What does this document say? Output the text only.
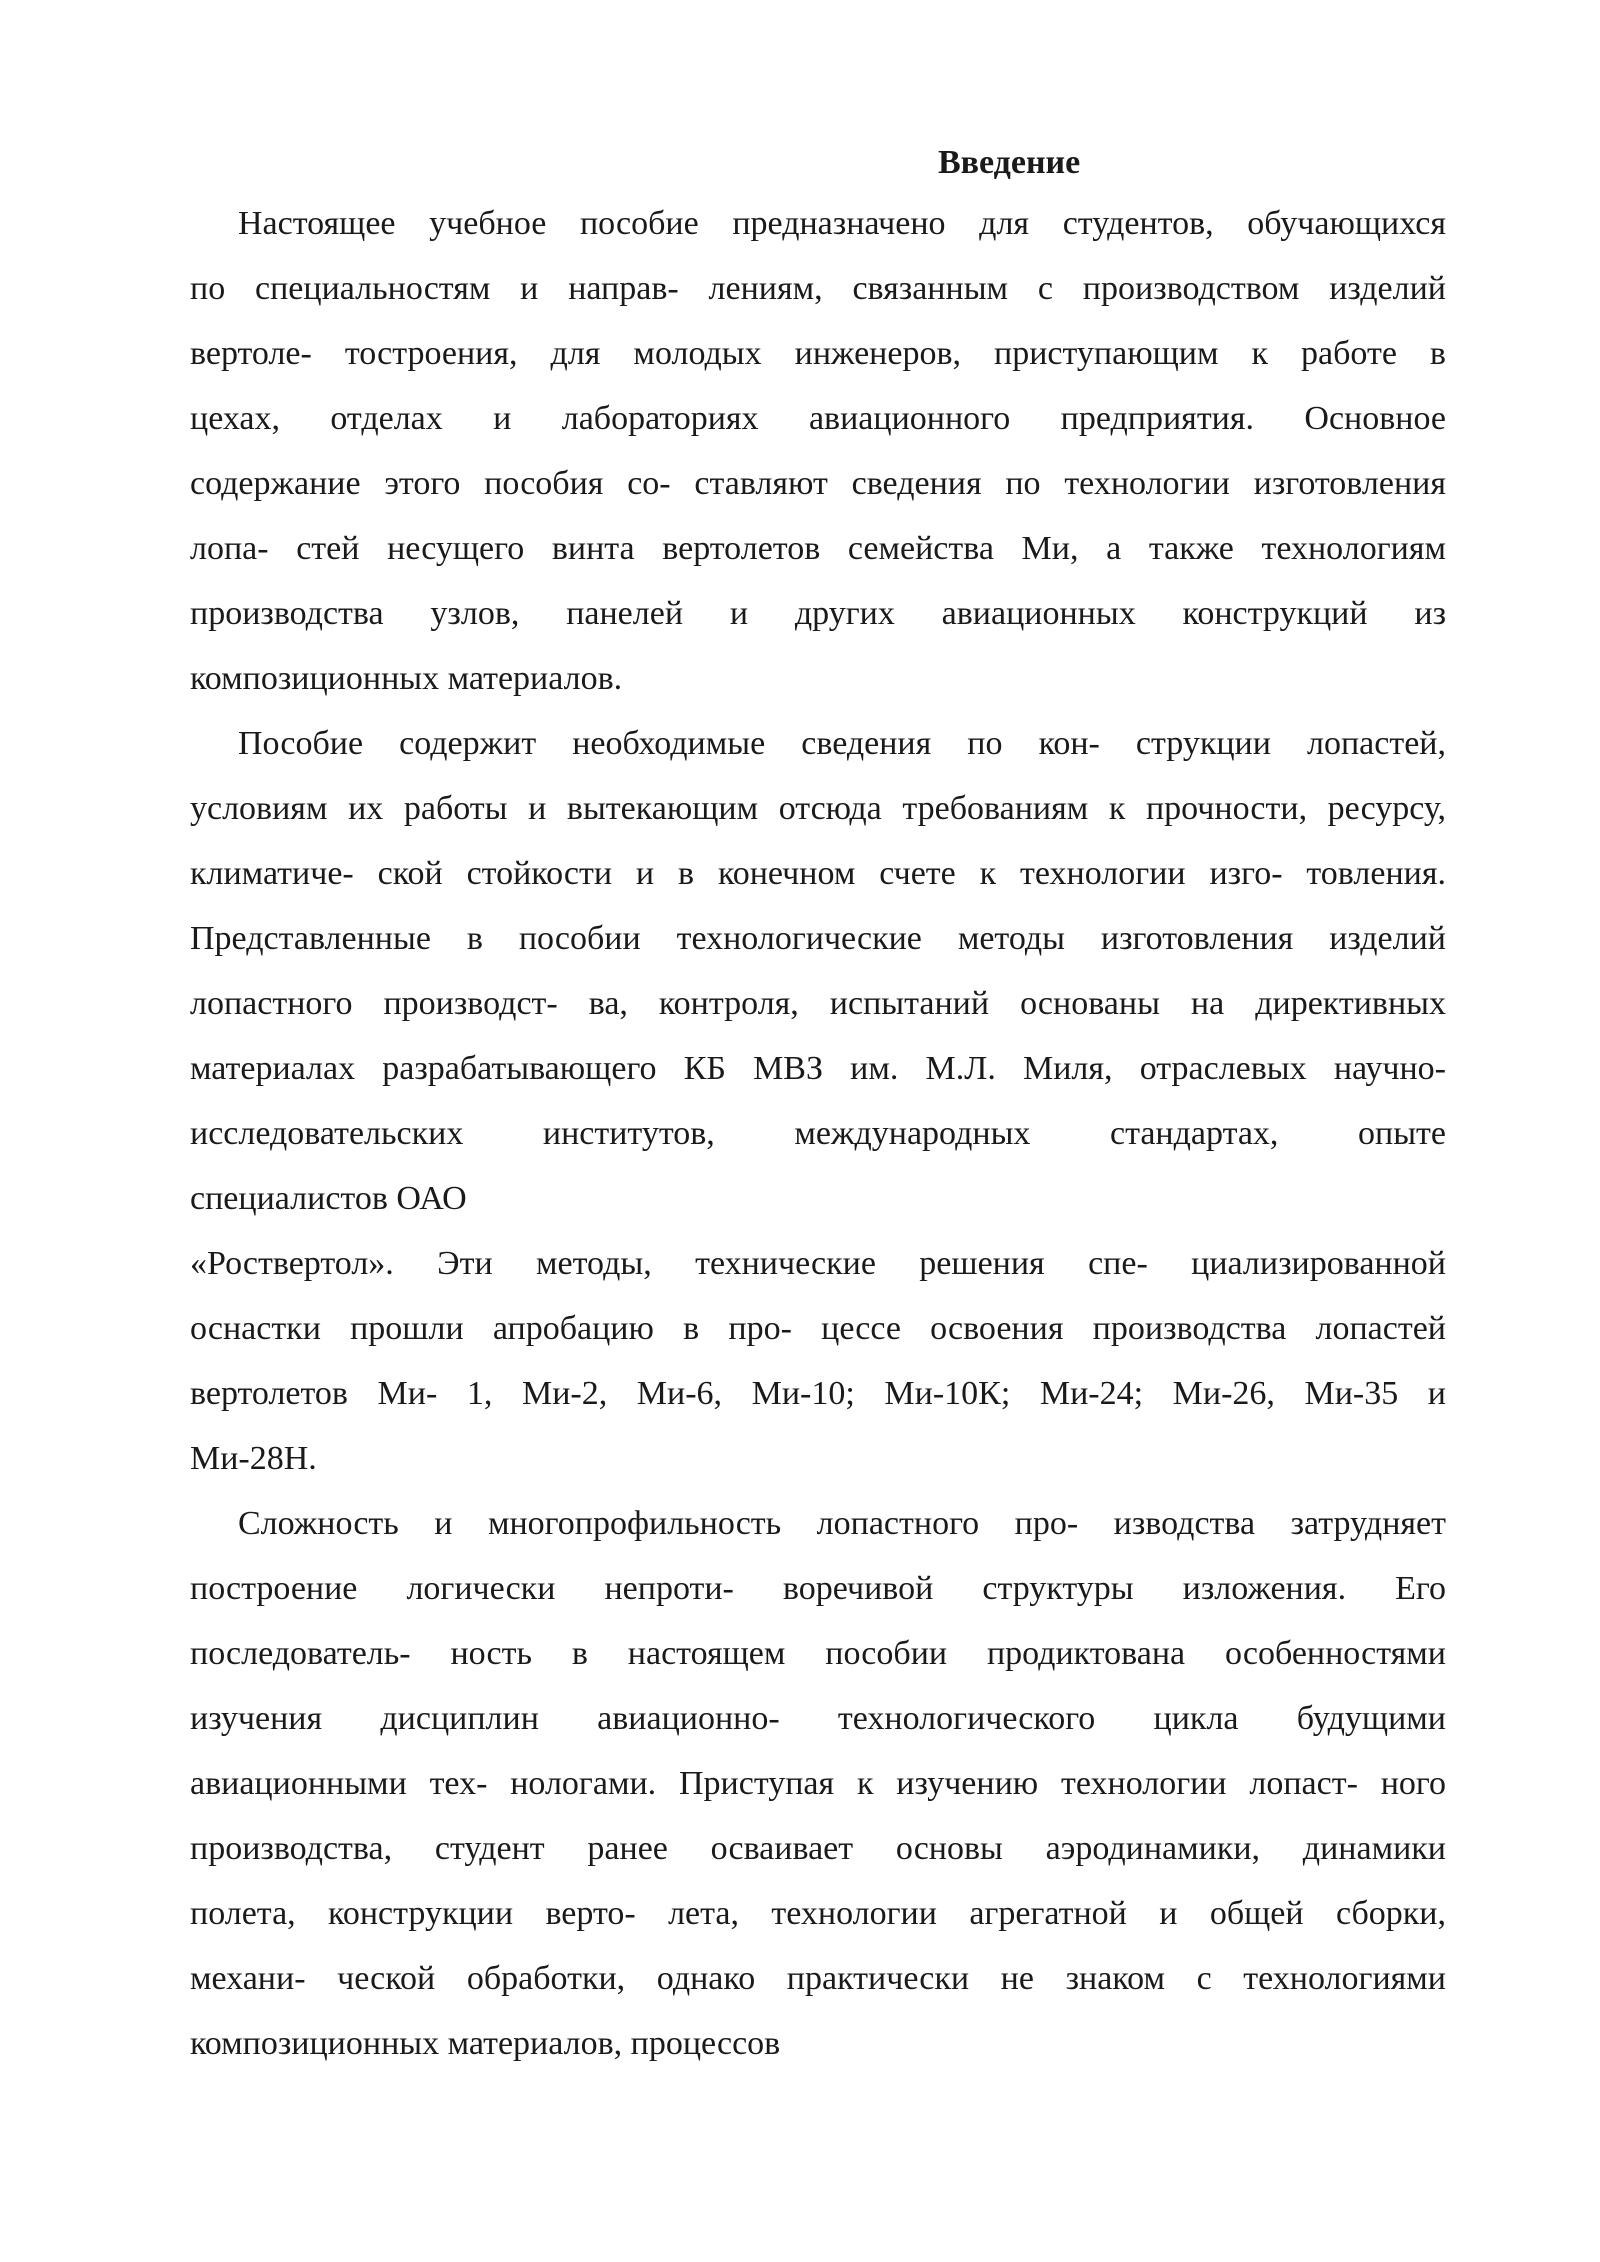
Введение
Настоящее учебное пособие предназначено для студентов, обучающихся
по специальностям и направ- лениям, связанным с производством изделий
вертоле- тостроения, для молодых инженеров, приступающим к работе в
цехах, отделах и лабораториях авиационного предприятия. Основное
содержание этого пособия со- ставляют сведения по технологии изготовления
лопа- стей несущего винта вертолетов семейства Ми, а также технологиям
производства узлов, панелей и других авиационных конструкций из
композиционных материалов.
Пособие содержит необходимые сведения по кон- струкции лопастей,
условиям их работы и вытекающим отсюда требованиям к прочности, ресурсу,
климатиче- ской стойкости и в конечном счете к технологии изго- товления.
Представленные в пособии технологические методы изготовления изделий
лопастного производст- ва, контроля, испытаний основаны на директивных
материалах разрабатывающего КБ МВЗ им. М.Л. Миля, отраслевых научно-
исследовательских институтов, международных стандартах, опыте
специалистов ОАО
«Роствертол». Эти методы, технические решения спе- циализированной
оснастки прошли апробацию в про- цессе освоения производства лопастей
вертолетов Ми- 1, Ми-2, Ми-6, Ми-10; Ми-10К; Ми-24; Ми-26, Ми-35 и
Ми-28Н.
Сложность и многопрофильность лопастного про- изводства затрудняет
построение логически непроти- воречивой структуры изложения. Его
последователь- ность в настоящем пособии продиктована особенностями
изучения дисциплин авиационно- технологического цикла будущими
авиационными тех- нологами. Приступая к изучению технологии лопаст- ного
производства, студент ранее осваивает основы аэродинамики, динамики
полета, конструкции верто- лета, технологии агрегатной и общей сборки,
механи- ческой обработки, однако практически не знаком с технологиями
композиционных материалов, процессов
